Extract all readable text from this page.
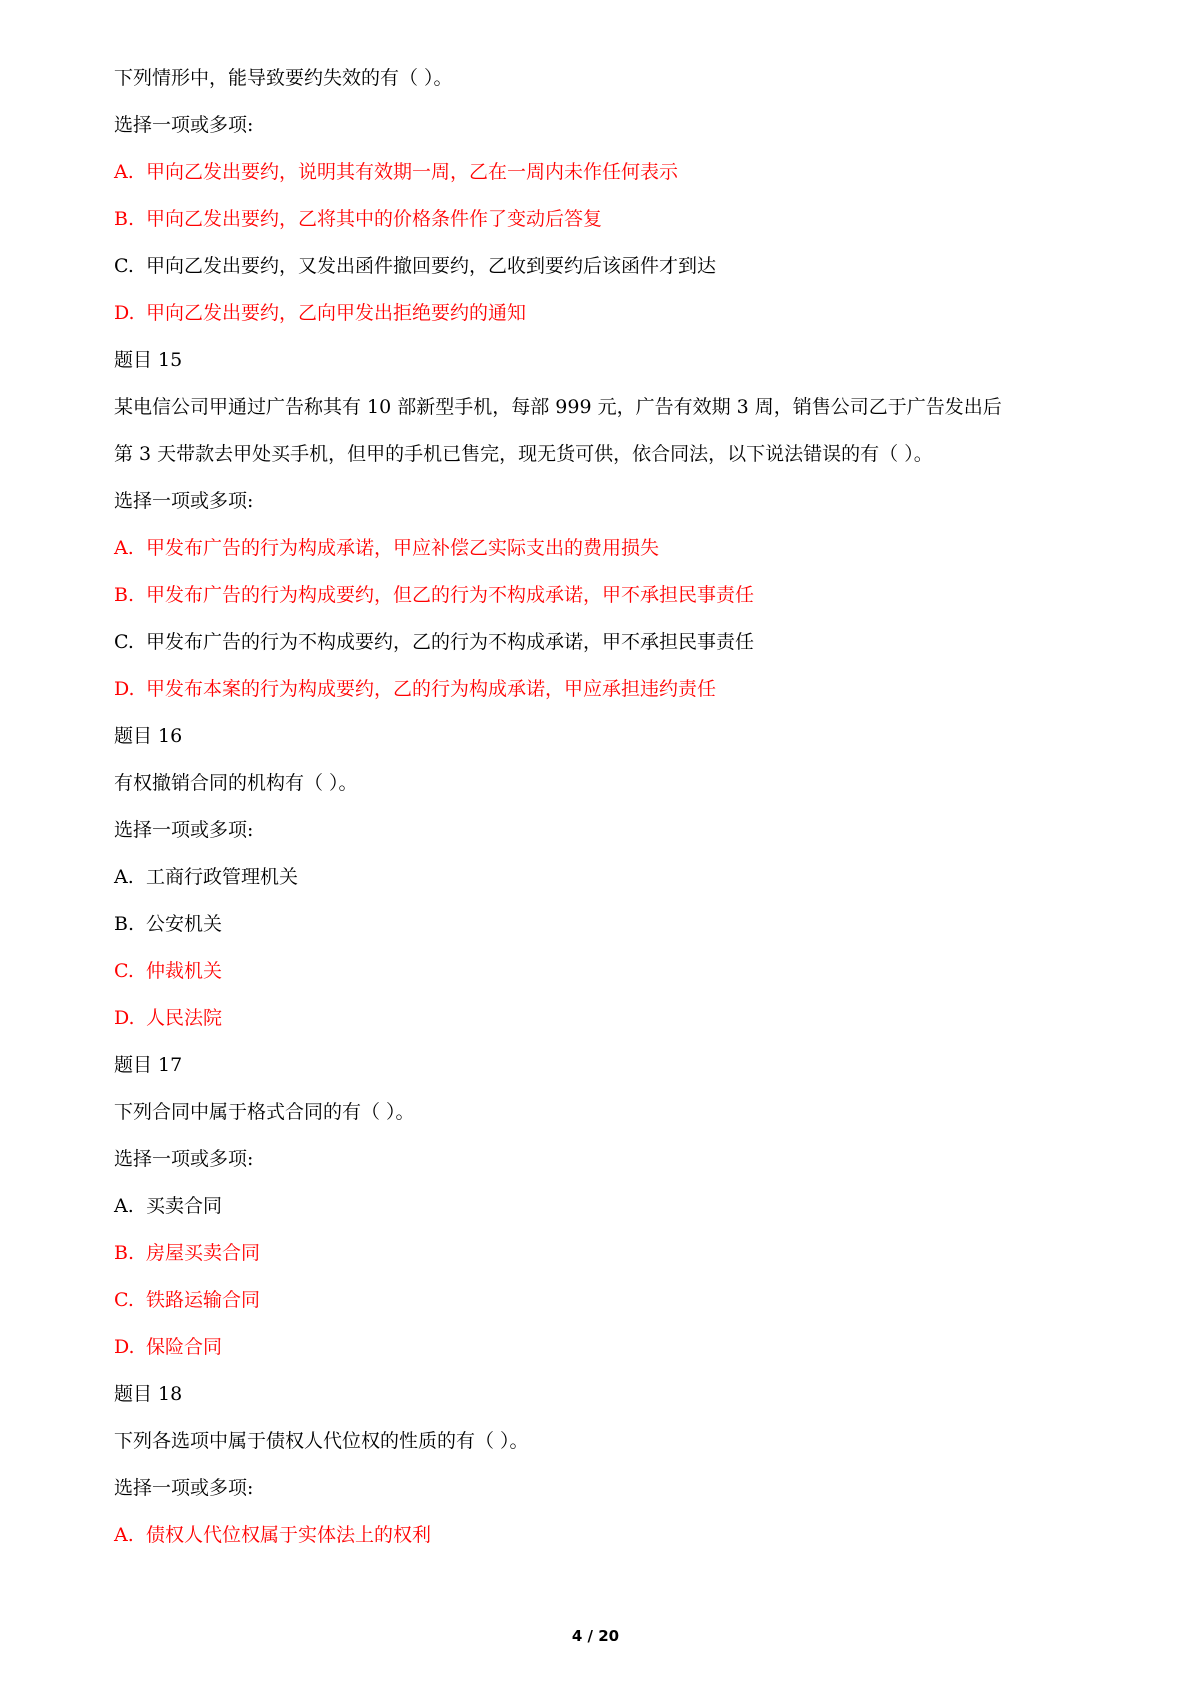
下列情形中，能导致要约失效的有（ ）。
选择一项或多项:
A. 甲向乙发出要约，说明其有效期一周，乙在一周内未作任何表示
B. 甲向乙发出要约，乙将其中的价格条件作了变动后答复
C. 甲向乙发出要约，又发出函件撤回要约，乙收到要约后该函件才到达
D. 甲向乙发出要约，乙向甲发出拒绝要约的通知
题目 15
某电信公司甲通过广告称其有 10 部新型手机，每部 999 元，广告有效期 3 周，销售公司乙于广告发出后
第 3 天带款去甲处买手机，但甲的手机已售完，现无货可供，依合同法，以下说法错误的有（ ）。
选择一项或多项:
A. 甲发布广告的行为构成承诺，甲应补偿乙实际支出的费用损失
B. 甲发布广告的行为构成要约，但乙的行为不构成承诺，甲不承担民事责任
C. 甲发布广告的行为不构成要约，乙的行为不构成承诺，甲不承担民事责任
D. 甲发布本案的行为构成要约，乙的行为构成承诺，甲应承担违约责任
题目 16
有权撤销合同的机构有（ ）。
选择一项或多项:
A. 工商行政管理机关
B. 公安机关
C. 仲裁机关
D. 人民法院
题目 17
下列合同中属于格式合同的有（ ）。
选择一项或多项:
A. 买卖合同
B. 房屋买卖合同
C. 铁路运输合同
D. 保险合同
题目 18
下列各选项中属于债权人代位权的性质的有（ ）。
选择一项或多项:
A. 债权人代位权属于实体法上的权利
4 / 20
